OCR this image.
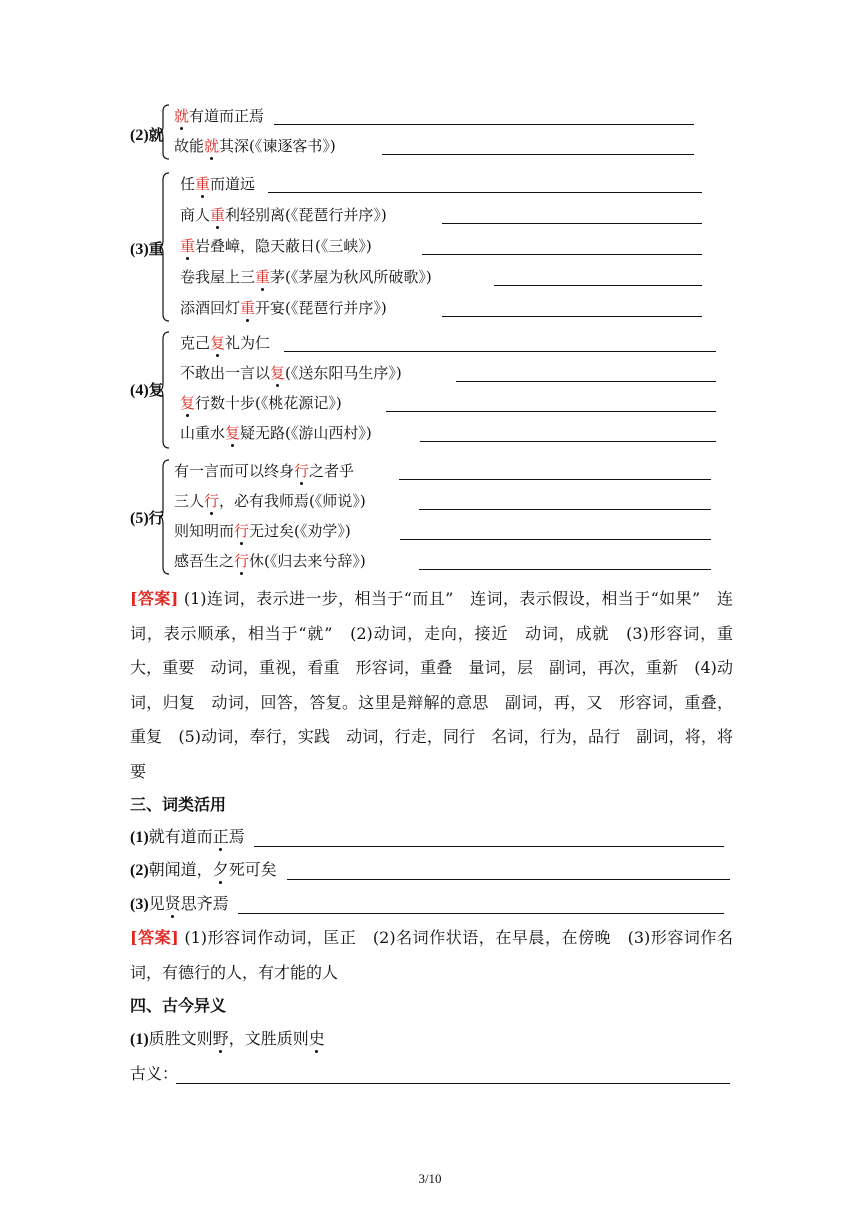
(2)就
就有道而正焉
故能就其深(《谏逐客书》)
(3)重
任重而道远
商人重利轻别离(《琵琶行并序》)
重岩叠嶂，隐天蔽日(《三峡》)
卷我屋上三重茅(《茅屋为秋风所破歌》)
添酒回灯重开宴(《琵琶行并序》)
(4)复
克己复礼为仁
不敢出一言以复(《送东阳马生序》)
复行数十步(《桃花源记》)
山重水复疑无路(《游山西村》)
(5)行
有一言而可以终身行之者乎
三人行，必有我师焉(《师说》)
则知明而行无过矣(《劝学》)
感吾生之行休(《归去来兮辞》)
[答案] (1)连词，表示进一步，相当于“而且”　连词，表示假设，相当于“如果”　连词，表示顺承，相当于“就”　(2)动词，走向，接近　动词，成就　(3)形容词，重大，重要　动词，重视，看重　形容词，重叠　量词，层　副词，再次，重新　(4)动词，归复　动词，回答，答复。这里是辩解的意思　副词，再，又　形容词，重叠，重复　(5)动词，奉行，实践　动词，行走，同行　名词，行为，品行　副词，将，将要
三、词类活用
(1)就有道而正焉
(2)朝闻道，夕死可矣
(3)见贤思齐焉
[答案] (1)形容词作动词，匡正　(2)名词作状语，在早晨，在傍晚　(3)形容词作名词，有德行的人，有才能的人
四、古今异义
(1)质胜文则野，文胜质则史
古义：
3/10
